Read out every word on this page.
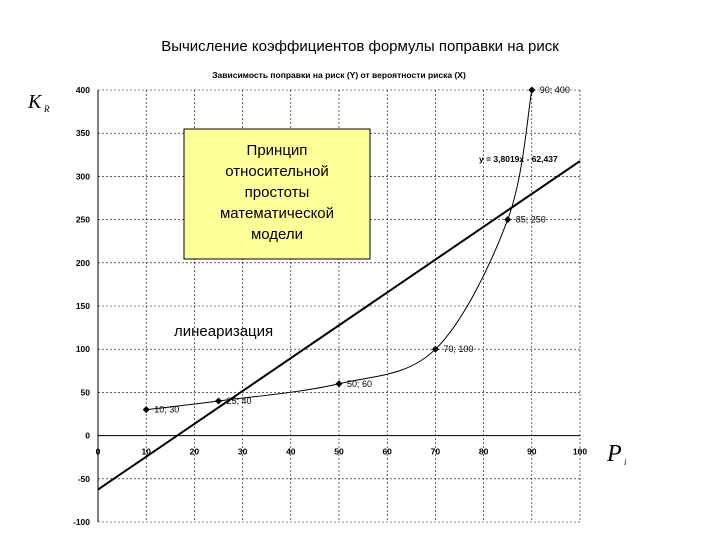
Вычисление коэффициентов формулы поправки на риск
-100
-50
0
50
100
150
200
250
300
350
400
0	10	20	30	40	50	60	70	80	90	100
10; 30
25; 40
50; 60
70; 100
85; 250
90; 400
y = 3,8019x - 62,437
K R
P i
Принцип
относительной
простоты
математической
модели
линеаризация
Зависимость поправки на риск (Y) от вероятности риска (X)
